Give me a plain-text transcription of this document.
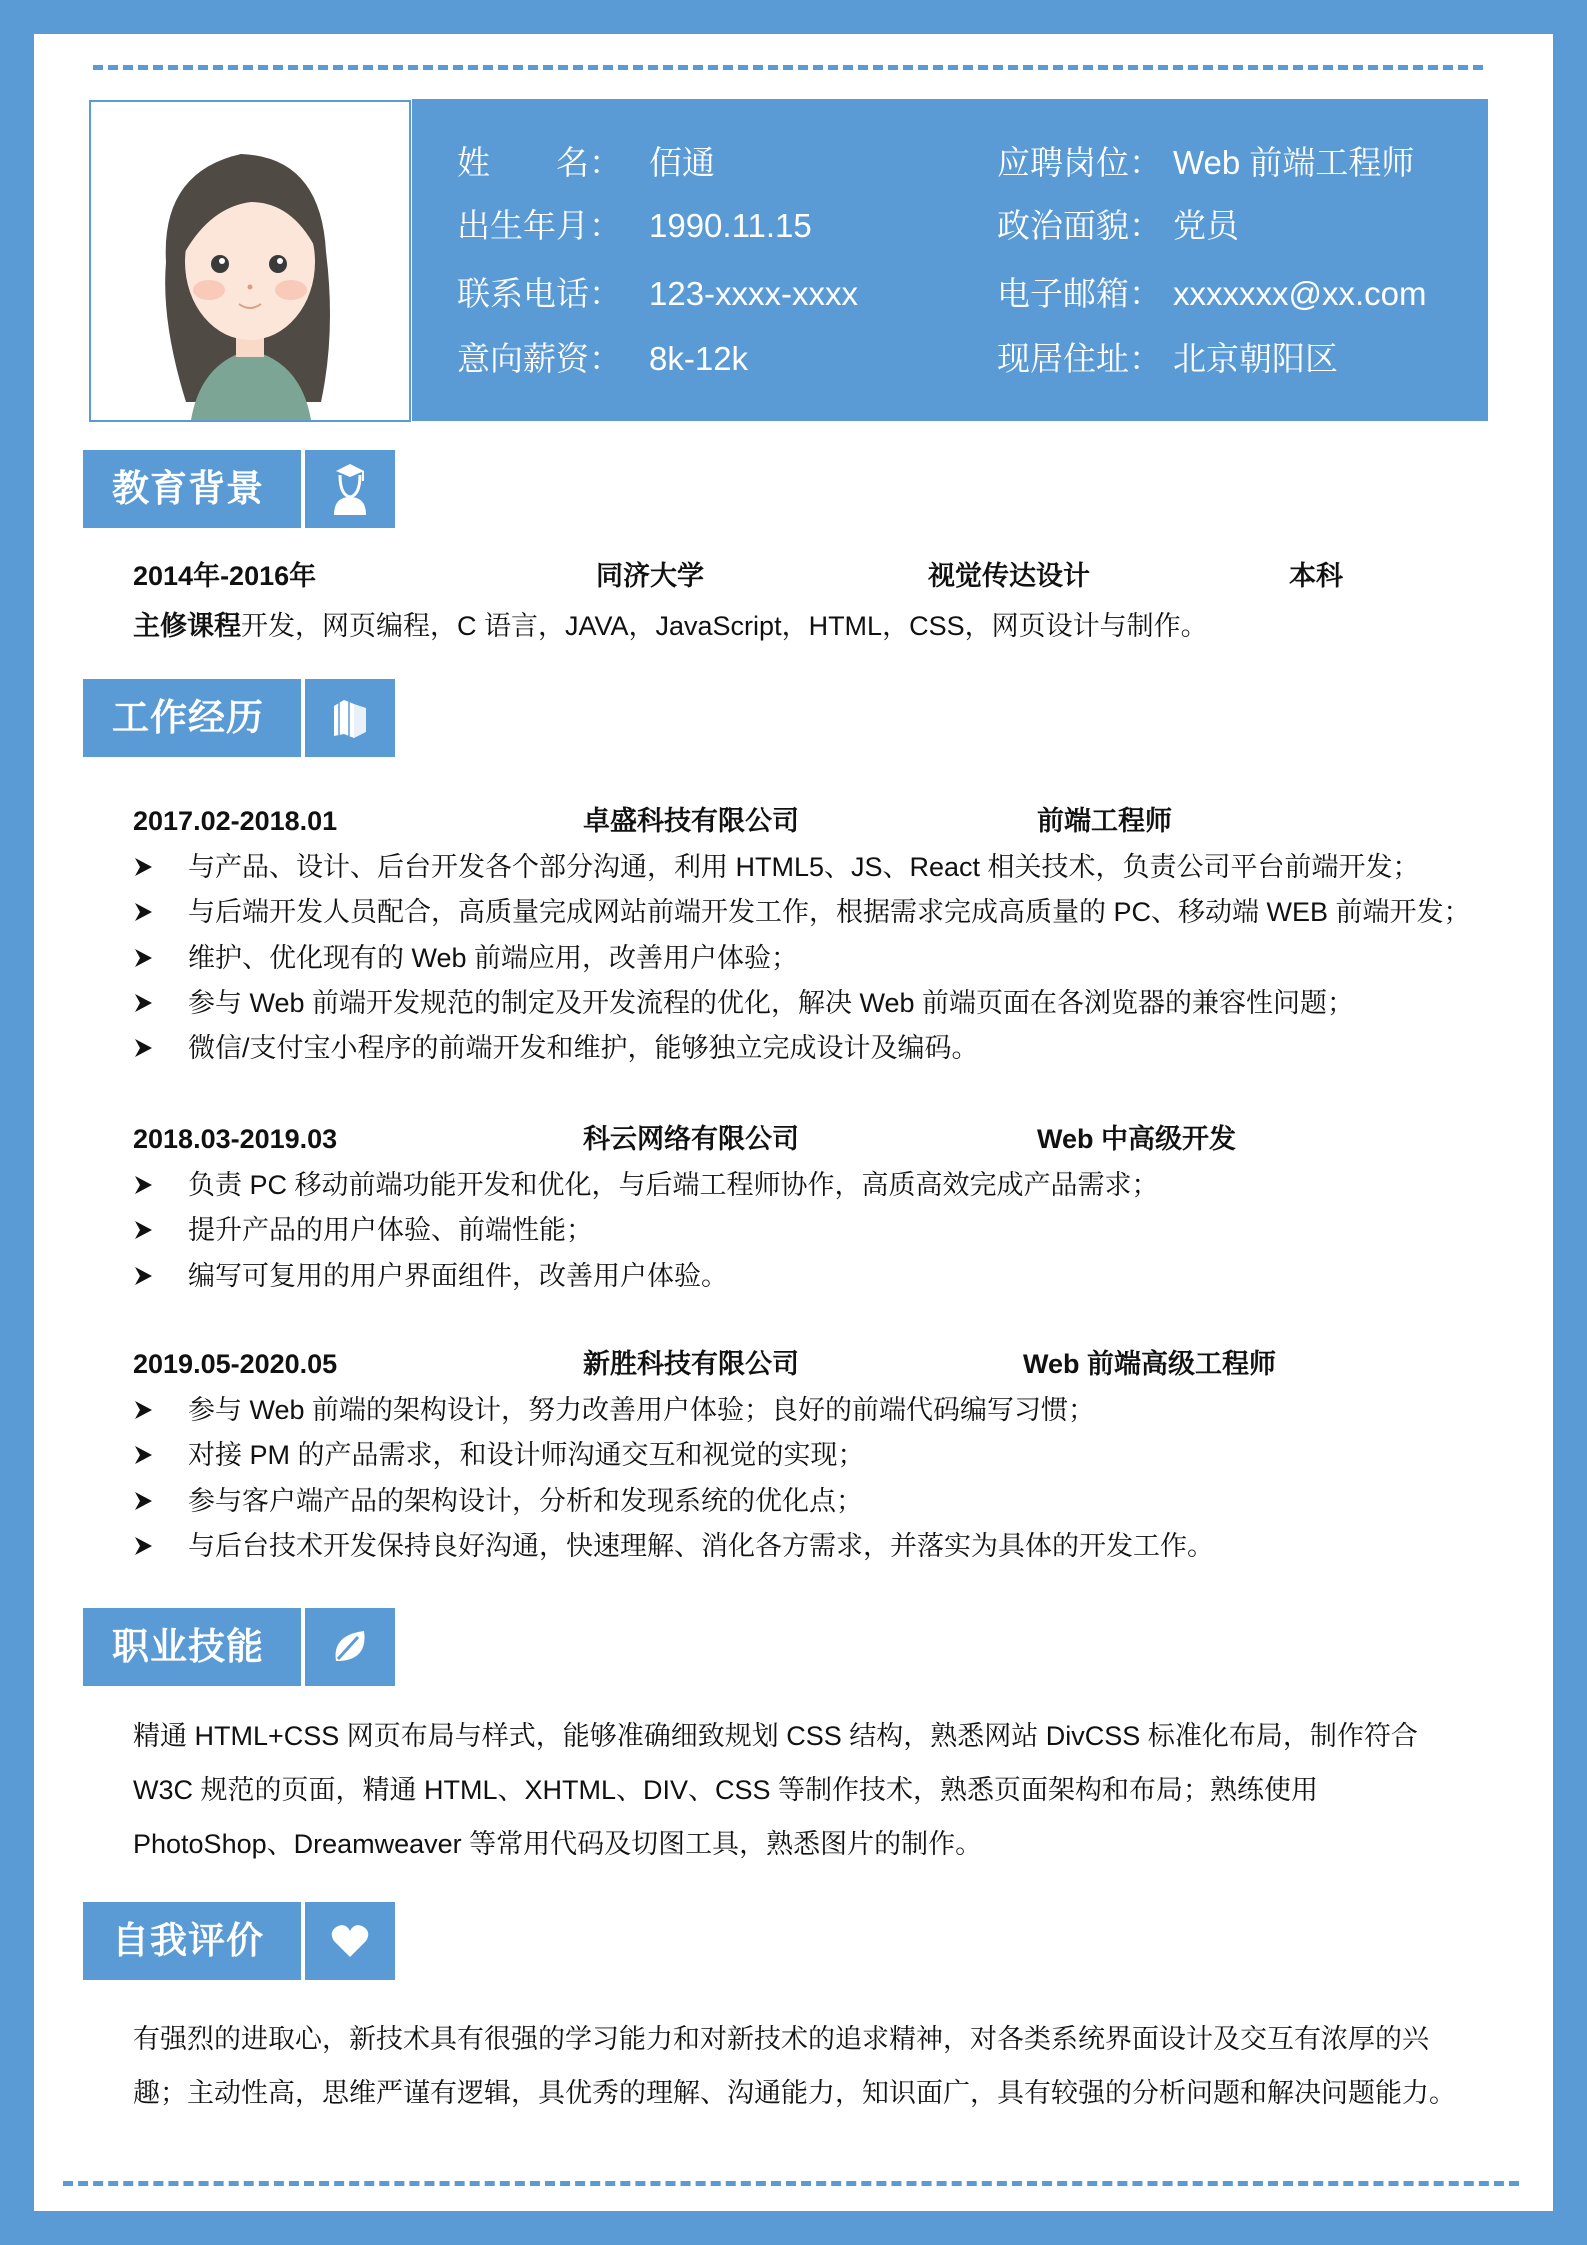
姓　　名： 佰通
出生年月： 1990.11.15
联系电话： 123-xxxx-xxxx
意向薪资： 8k-12k
应聘岗位： Web 前端工程师
政治面貌： 党员
电子邮箱： xxxxxxx@xx.com
现居住址： 北京朝阳区
教育背景
2014年-2016年	同济大学	视觉传达设计	本科
主修课程开发，网页编程，C 语言，JAVA，JavaScript，HTML，CSS，网页设计与制作。
工作经历
2017.02-2018.01	卓盛科技有限公司	前端工程师
与产品、设计、后台开发各个部分沟通，利用 HTML5、JS、React 相关技术，负责公司平台前端开发；
与后端开发人员配合，高质量完成网站前端开发工作，根据需求完成高质量的 PC、移动端 WEB 前端开发；
维护、优化现有的 Web 前端应用，改善用户体验；
参与 Web 前端开发规范的制定及开发流程的优化，解决 Web 前端页面在各浏览器的兼容性问题；
微信/支付宝小程序的前端开发和维护，能够独立完成设计及编码。
2018.03-2019.03	科云网络有限公司	Web 中高级开发
负责 PC 移动前端功能开发和优化，与后端工程师协作，高质高效完成产品需求；
提升产品的用户体验、前端性能；
编写可复用的用户界面组件，改善用户体验。
2019.05-2020.05	新胜科技有限公司	Web 前端高级工程师
参与 Web 前端的架构设计，努力改善用户体验；良好的前端代码编写习惯；
对接 PM 的产品需求，和设计师沟通交互和视觉的实现；
参与客户端产品的架构设计，分析和发现系统的优化点；
与后台技术开发保持良好沟通，快速理解、消化各方需求，并落实为具体的开发工作。
职业技能
精通 HTML+CSS 网页布局与样式，能够准确细致规划 CSS 结构，熟悉网站 DivCSS 标准化布局，制作符合 W3C 规范的页面，精通 HTML、XHTML、DIV、CSS 等制作技术，熟悉页面架构和布局；熟练使用 PhotoShop、Dreamweaver 等常用代码及切图工具，熟悉图片的制作。
自我评价
有强烈的进取心，新技术具有很强的学习能力和对新技术的追求精神，对各类系统界面设计及交互有浓厚的兴趣；主动性高，思维严谨有逻辑，具优秀的理解、沟通能力，知识面广，具有较强的分析问题和解决问题能力。
